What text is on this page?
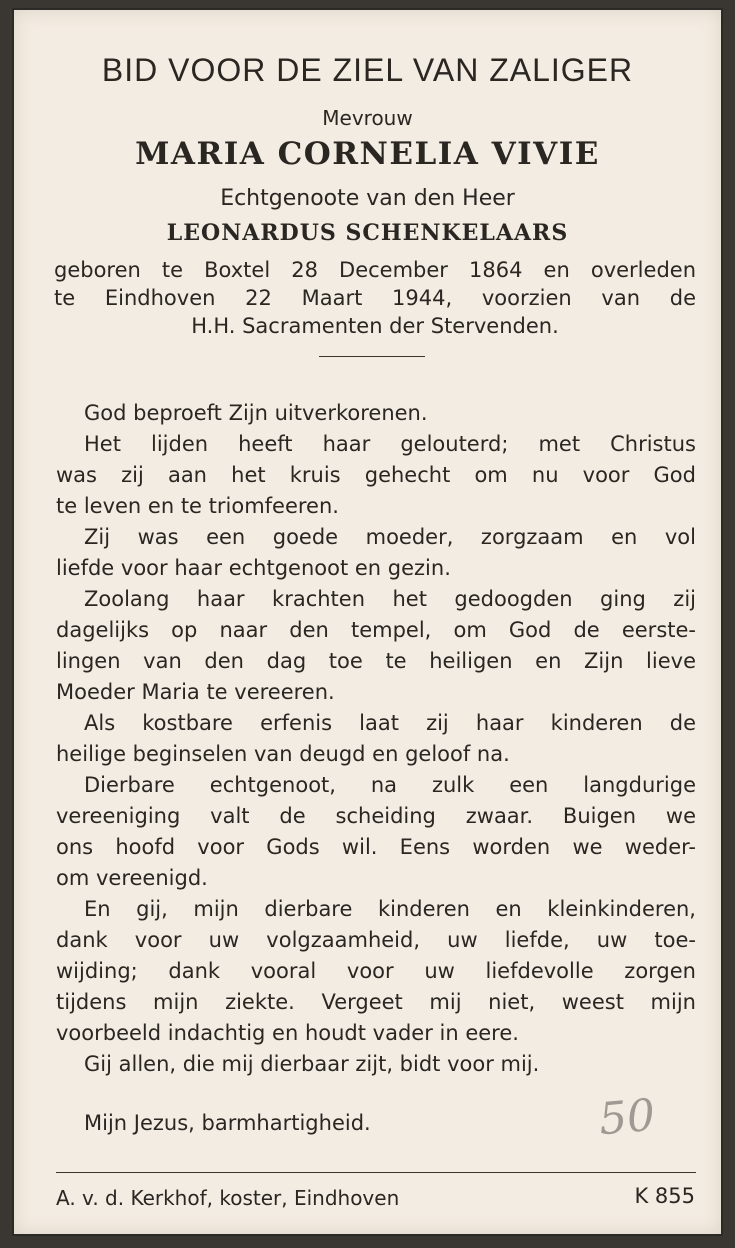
BID VOOR DE ZIEL VAN ZALIGER
Mevrouw
MARIA CORNELIA VIVIE
Echtgenoote van den Heer
LEONARDUS SCHENKELAARS
geboren te Boxtel 28 December 1864 en overleden
te Eindhoven 22 Maart 1944, voorzien van de
H.H. Sacramenten der Stervenden.
God beproeft Zijn uitverkorenen.
Het lijden heeft haar gelouterd; met Christus
was zij aan het kruis gehecht om nu voor God
te leven en te triomfeeren.
Zij was een goede moeder, zorgzaam en vol
liefde voor haar echtgenoot en gezin.
Zoolang haar krachten het gedoogden ging zij
dagelijks op naar den tempel, om God de eerste-
lingen van den dag toe te heiligen en Zijn lieve
Moeder Maria te vereeren.
Als kostbare erfenis laat zij haar kinderen de
heilige beginselen van deugd en geloof na.
Dierbare echtgenoot, na zulk een langdurige
vereeniging valt de scheiding zwaar. Buigen we
ons hoofd voor Gods wil. Eens worden we weder-
om vereenigd.
En gij, mijn dierbare kinderen en kleinkinderen,
dank voor uw volgzaamheid, uw liefde, uw toe-
wijding; dank vooral voor uw liefdevolle zorgen
tijdens mijn ziekte. Vergeet mij niet, weest mijn
voorbeeld indachtig en houdt vader in eere.
Gij allen, die mij dierbaar zijt, bidt voor mij.
Mijn Jezus, barmhartigheid.	50
A. v. d. Kerkhof, koster, Eindhoven	K 855
